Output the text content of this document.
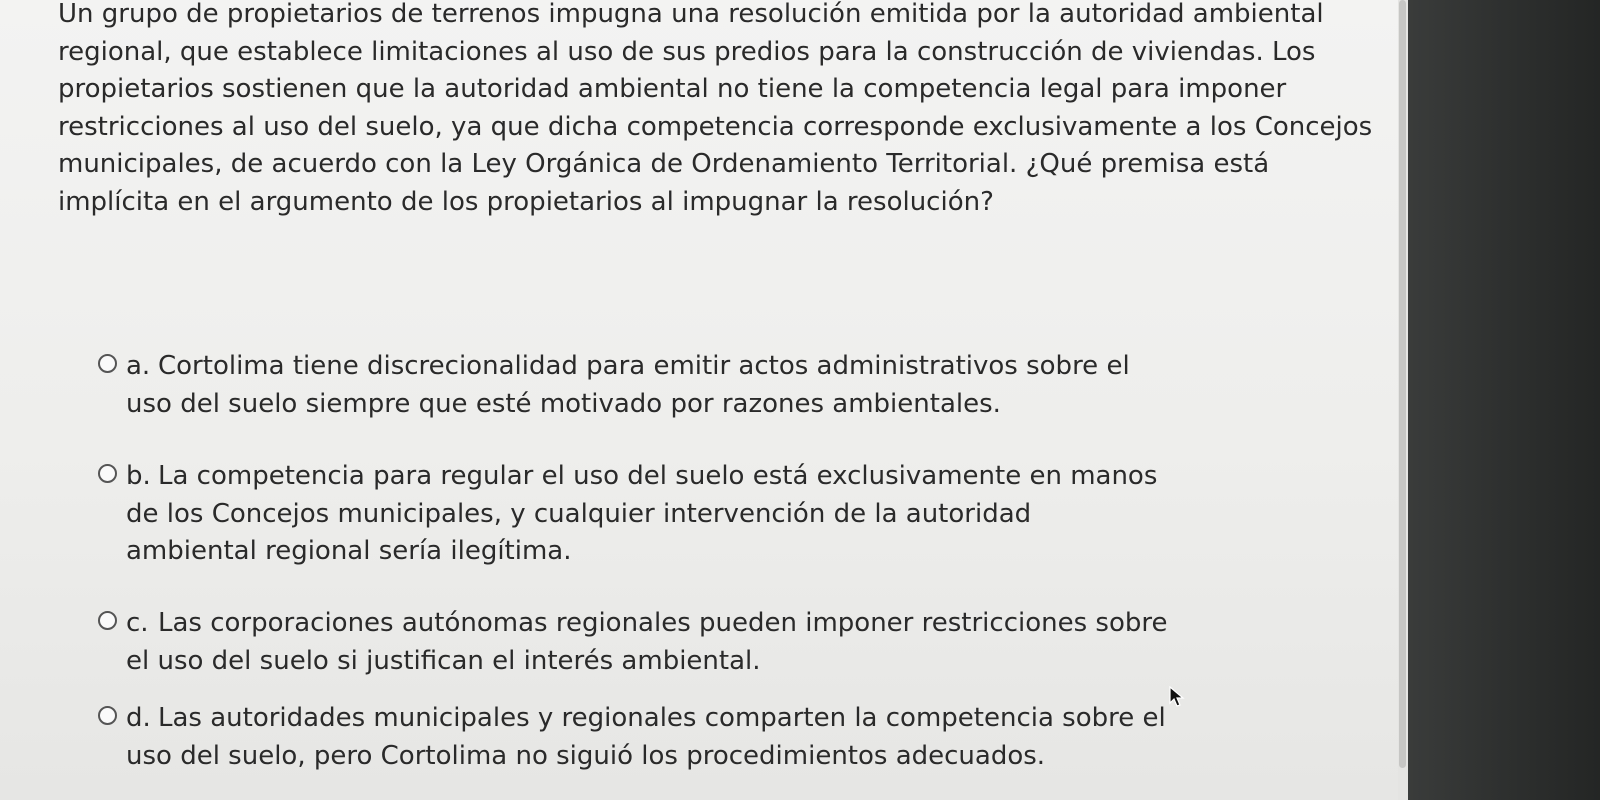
Un grupo de propietarios de terrenos impugna una resolución emitida por la autoridad ambiental regional, que establece limitaciones al uso de sus predios para la construcción de viviendas. Los propietarios sostienen que la autoridad ambiental no tiene la competencia legal para imponer restricciones al uso del suelo, ya que dicha competencia corresponde exclusivamente a los Concejos municipales, de acuerdo con la Ley Orgánica de Ordenamiento Territorial. ¿Qué premisa está implícita en el argumento de los propietarios al impugnar la resolución?

a. Cortolima tiene discrecionalidad para emitir actos administrativos sobre el
uso del suelo siempre que esté motivado por razones ambientales.

b. La competencia para regular el uso del suelo está exclusivamente en manos
de los Concejos municipales, y cualquier intervención de la autoridad
ambiental regional sería ilegítima.

c. Las corporaciones autónomas regionales pueden imponer restricciones sobre
el uso del suelo si justifican el interés ambiental.

d. Las autoridades municipales y regionales comparten la competencia sobre el
uso del suelo, pero Cortolima no siguió los procedimientos adecuados.
